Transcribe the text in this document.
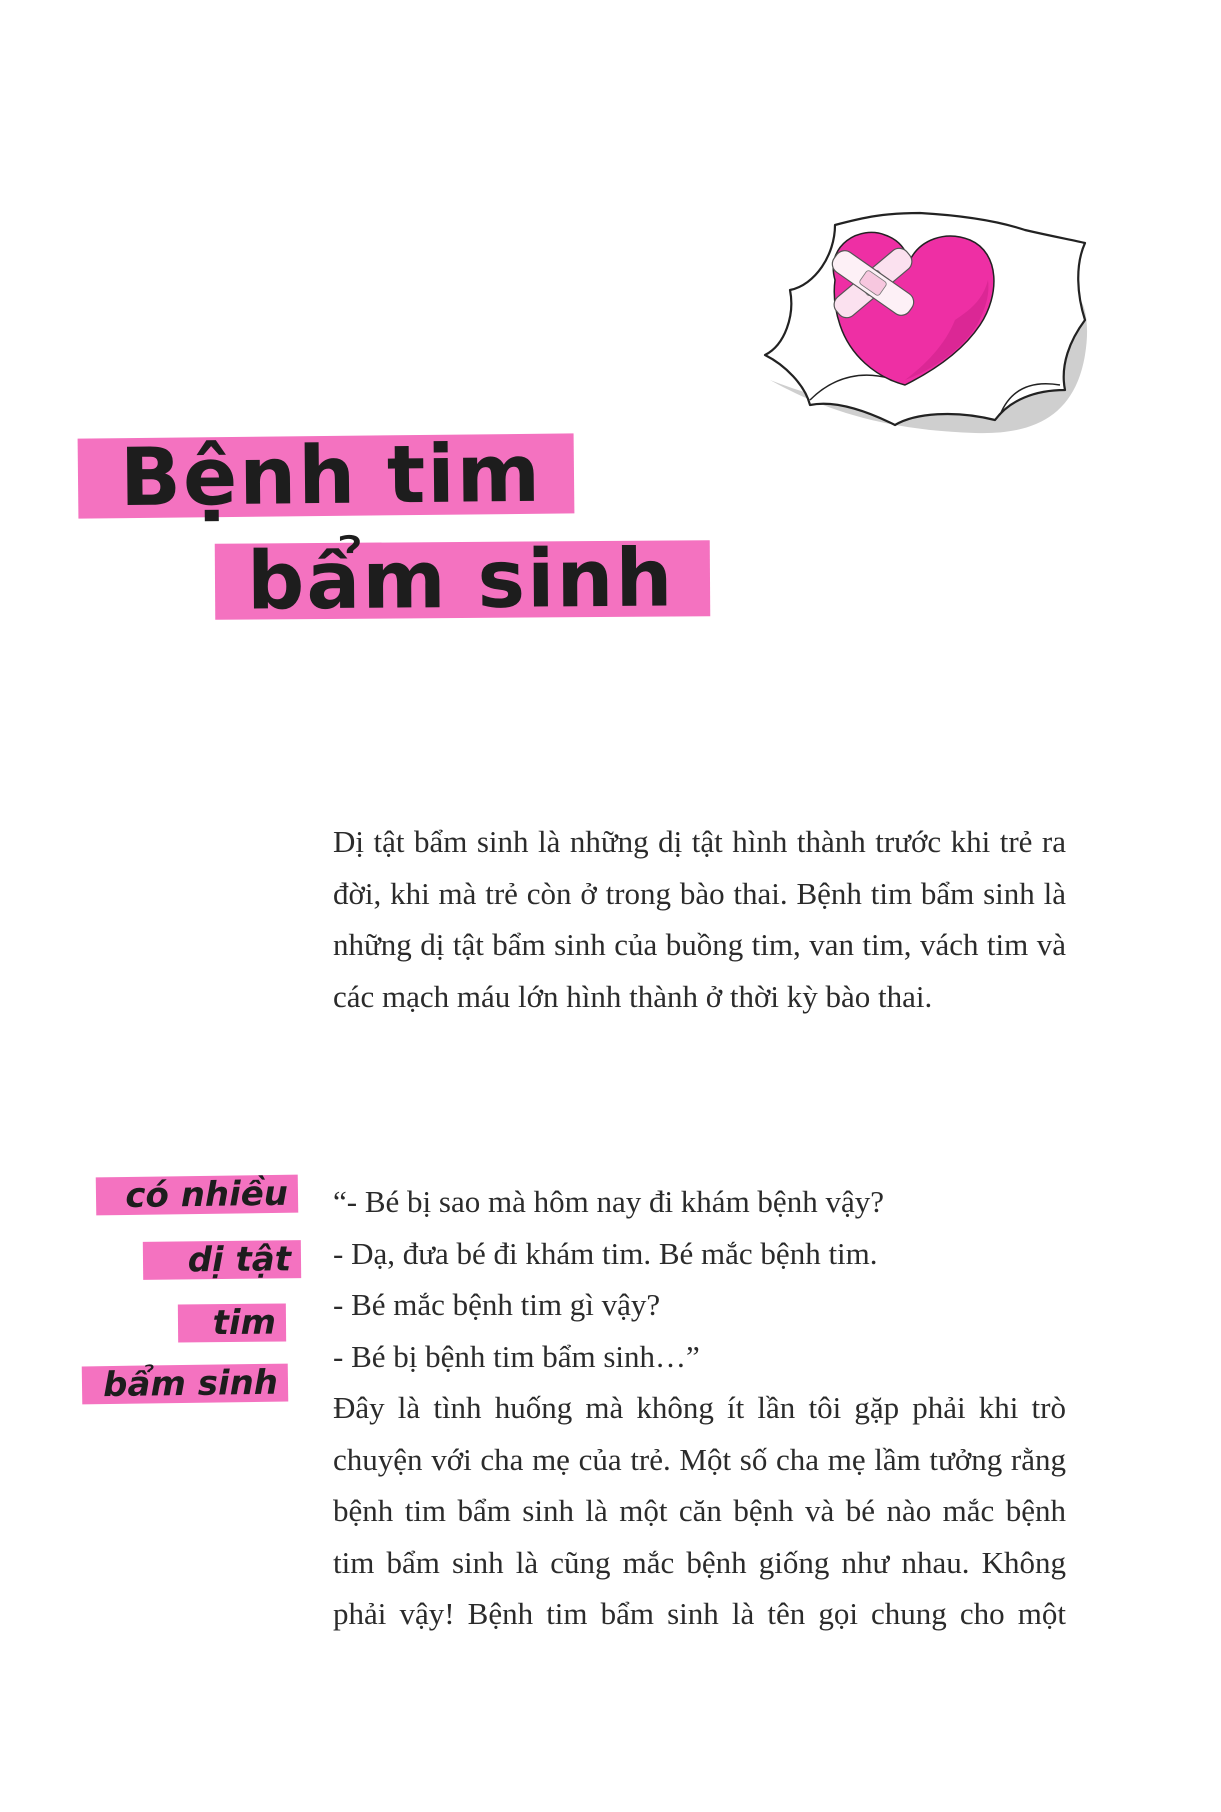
Bệnh tim
bẩm sinh

Dị tật bẩm sinh là những dị tật hình thành trước khi trẻ ra đời, khi mà trẻ còn ở trong bào thai. Bệnh tim bẩm sinh là những dị tật bẩm sinh của buồng tim, van tim, vách tim và các mạch máu lớn hình thành ở thời kỳ bào thai.

có nhiều
dị tật
tim
bẩm sinh
“- Bé bị sao mà hôm nay đi khám bệnh vậy?
- Dạ, đưa bé đi khám tim. Bé mắc bệnh tim.
- Bé mắc bệnh tim gì vậy?
- Bé bị bệnh tim bẩm sinh…”

Đây là tình huống mà không ít lần tôi gặp phải khi trò chuyện với cha mẹ của trẻ. Một số cha mẹ lầm tưởng rằng bệnh tim bẩm sinh là một căn bệnh và bé nào mắc bệnh tim bẩm sinh là cũng mắc bệnh giống như nhau. Không phải vậy! Bệnh tim bẩm sinh là tên gọi chung cho một
